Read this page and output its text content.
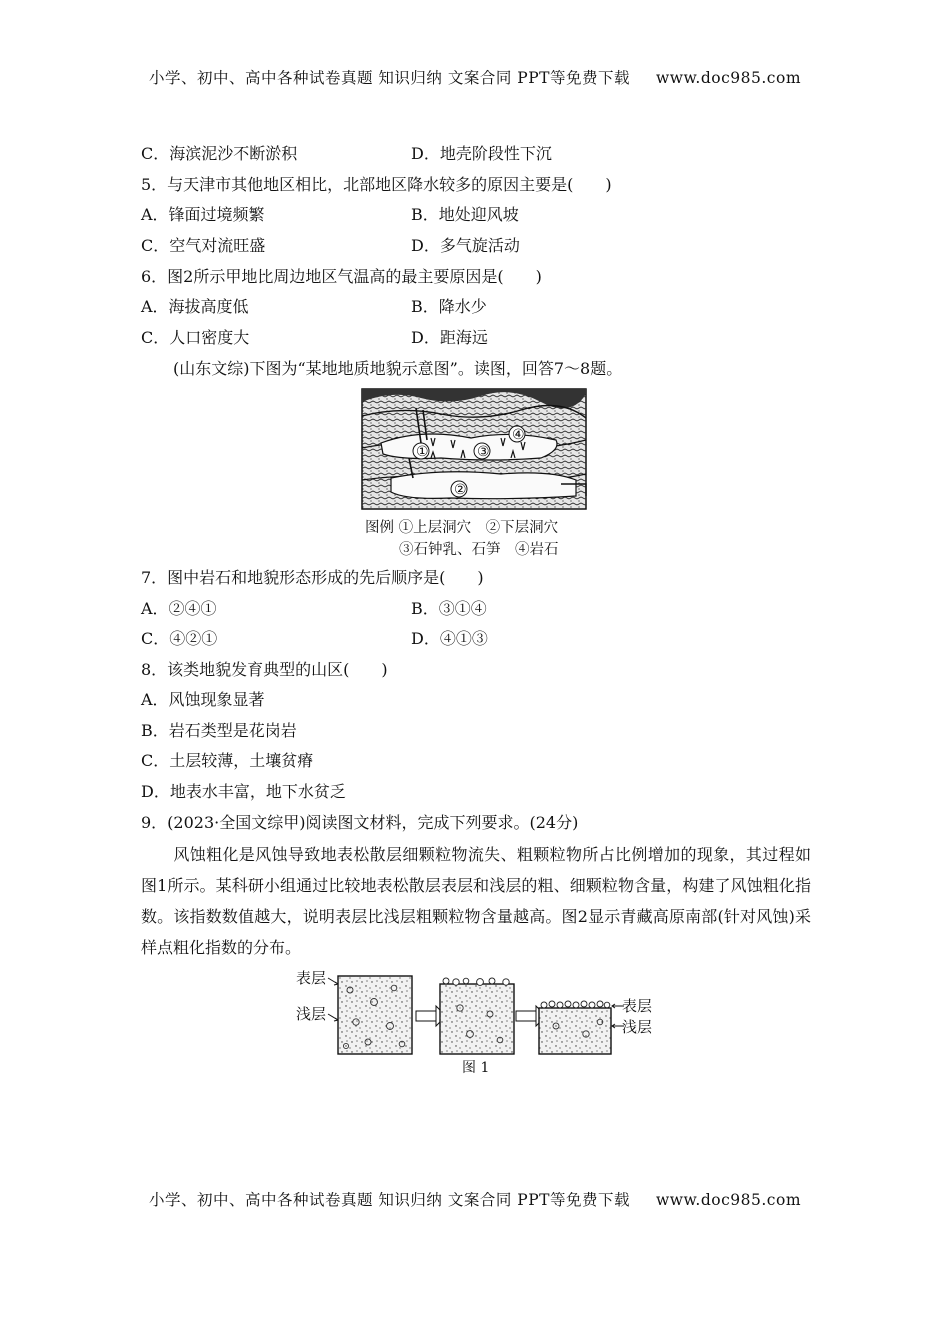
小学、初中、高中各种试卷真题 知识归纳 文案合同 PPT等免费下载 www.doc985.com
C．海滨泥沙不断淤积	D．地壳阶段性下沉
5．与天津市其他地区相比，北部地区降水较多的原因主要是(　　)
A．锋面过境频繁	B．地处迎风坡
C．空气对流旺盛	D．多气旋活动
6．图2所示甲地比周边地区气温高的最主要原因是(　　)
A．海拔高度低	B．降水少
C．人口密度大	D．距海远
(山东文综)下图为“某地地质地貌示意图”。读图，回答7～8题。
④
①	③
②
图例 ①上层洞穴　②下层洞穴
③石钟乳、石笋　④岩石
7．图中岩石和地貌形态形成的先后顺序是(　　)
A．②④①	B．③①④
C．④②①	D．④①③
8．该类地貌发育典型的山区(　　)
A．风蚀现象显著
B．岩石类型是花岗岩
C．土层较薄，土壤贫瘠
D．地表水丰富，地下水贫乏
9．(2023·全国文综甲)阅读图文材料，完成下列要求。(24分)
风蚀粗化是风蚀导致地表松散层细颗粒物流失、粗颗粒物所占比例增加的现象，其过程如图1所示。某科研小组通过比较地表松散层表层和浅层的粗、细颗粒物含量，构建了风蚀粗化指数。该指数数值越大，说明表层比浅层粗颗粒物含量越高。图2显示青藏高原南部(针对风蚀)采样点粗化指数的分布。
表层
浅层	表层
浅层
图 1
小学、初中、高中各种试卷真题 知识归纳 文案合同 PPT等免费下载 www.doc985.com
